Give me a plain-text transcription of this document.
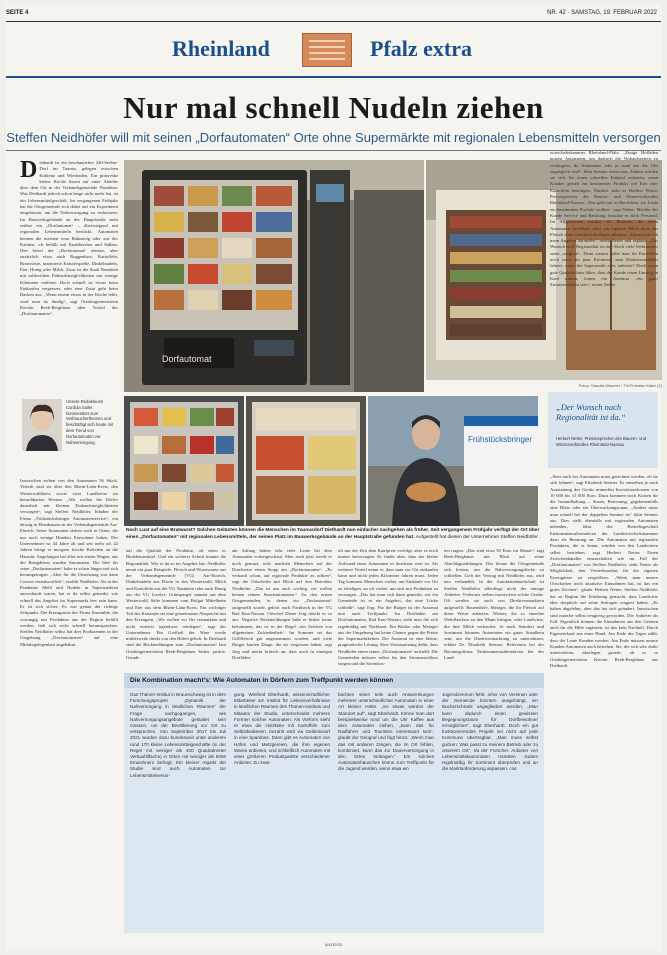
SEITE 4	NR. 42 · SAMSTAG, 19. FEBRUAR 2022
Rheinland	Pfalz extra
Nur mal schnell Nudeln ziehen
Steffen Neidhöfer will mit seinen „Dorfautomaten“ Orte ohne Supermärkte mit regionalen Lebensmitteln versorgen
D iethardt ist ein beschauliches 240-Seelen-Dorf im Taunus, gelegen zwischen Koblenz und Wiesbaden. Ein pittoreske kleine Kirche thront auf einer Anhöhe über dem Ort in der Verbandsgemeinde Nastätten. Was Diethardt jedoch schon lange nicht mehr hat, ist ein Lebensmittelgeschäft. Im vergangenen Frühjahr hat die Ortsgemeinde sich daher auf ein Experiment eingelassen, um die Nahversorgung zu verbessern: Im Bauwerksgebäude an der Hauptstraße steht seither ein „Dorfautomat“ – überwiegend mit regionalen Lebensmitteln bestückt. Automaten kennen die meisten vom Bahnsteig oder aus der Kantine, oft befüllt mit Knabbereien und Süßem. Den bietet der „Dorfautomat“ ebenso, aber zusätzlich etwa auch Roggenbrot, Kartoffeln, Bratwürste, marinierte Kräuterspieße, Dinkelnudeln, Eier, Honig oder Milch. Zwar ist die Stadt Nastätten mit zahlreichen Einkaufsmöglichkeiten nur wenige Kilometer entfernt. Doch schnell ist etwas beim Einkaufen vergessen, oder eine Zutat geht beim Backen aus. „Wenn einem etwas in der Küche fehlt, wird man da fündig“, sagt Ortsbürgermeisterin Kerstin Reek-Bergbäuer über Vorteil des „Dorfautomaten“.
Dorfautomat
Fotos: Sascha Ditscher / TV/Christian Kater (2)
Unsere Redakteurin Cordula Sailer kommentiert zum Verbraucherthemen und beschäftigt sich heute mit dem Trend von Dorfautomaten zur Nahversorgung.	Frühstücksbringer
„Der Wunsch nach Regionalität ist da.“
Herbert Netter, Pressesprecher des Bauern- und Winzerverbandes Rheinland-Nassau
Noch Lust auf eine Bratwurst? Solchen Gelüsten können die Menschen im Taunusdorf Diethardt nun einfacher nachgehen als früher. Seit vergangenem Frühjahr verfügt der Ort über einen „Dorfautomaten“ mit regionalen Lebensmitteln, der seinen Platz im Bauwerksgebäude an der Hauptstraße gefunden hat. Aufgestellt hat diesen der Unternehmer Steffen Neidhöfer.
Inzwischen stehen von den Automaten 56 Stück. Verteilt sind sie über den Rhein-Lahn-Kreis, den Westerwaldkreis sowie zwei Landkreise im benachbarten Hessen. „Wir wollen die Dörfer dauerhaft mit kleinen Einkaufsmöglichkeiten versorgen“, sagt Steffen Neidhöfer, Inhaber der Firma „Frühstücksbringer Automatenservice“, ein ökosig in Ebenhausen in der Verbandsgemeinde Aar-Einrich. Seine Automaten stehen auch in Orten, die nur noch wenige Hundert Einwohner haben. Der Unternehmer ist 44 Jahre alt und seit mehr als 22 Jahren bringt er morgens frische Brötchen an die Haustür. Angefangen hat alles mit einem Wagen, aus der Bringdienst wurden Automaten. Die Idee für seine „Dorfautomaten“ habe er schon länger mit sich herumgetragen. „Aber für die Umsetzung war dann Corona verantwortlich“, erzählt Neidhöfer. Als in der Pandemie Mehl und Nudeln in Supermärkten ausverkauft waren, hat er da selbst gemerkt, wie schnell das Angebot im Supermarkt leer sein kann. Er ist sich sicher: Es war genau der richtige Zeitpunkt. Die Erzeugnisse der Firma Ensemble, die vorrangig mit Produkten aus der Region befüllt werden, ließ sich recht schnell herumsprechen. Steffen Neidhöfer selbst hat drei Produzenten in der Umgebung „Dorfautomaten“ auf eine Mitfahrgelegenheit angebahnt.
auf die Qualität der Produkte, oft seien es Biolebensmittel. Und ein weiterer Schritt konnte die Regionalität. Wie er da so im Angebot hat: Neidhöfer nennt ein paar Beispiele: Fleisch und Wurstwaren aus der Verbandsgemeinde (VG) Aar-Einrich, Dinkelnudeln aus Flacht in den Westerwald, Milch und Kartoffeln aus der VG Nastätten oder auch Honig aus der VG Loreley. Grünspargel stammt aus dem Westerwald, Säfte kommen vom Hofgut Mittelheim und Eier aus dem Rhein-Lahn-Kreis. Ein wichtiger Teil des Konzepts sei eine gemeinsame Absprache mit den Erzeugern. „Wir wollen vor Ort vermarkten und nicht einfach irgendwas reinlegen“, sagt der Unternehmer. Ein Großteil der Ware werde mittlerweile direkt von den Höfen geholt. In Diethardt sind die Rückmeldungen zum „Dorfautomaten“ laut Ortsbürgermeisterin Reek-Bergbäuer bisher positiv. Gerade
am Anfang hätten sehr viele Leute bei dem Automaten vorbeigeschaut. Aber auch jetzt werde er noch genutzt, teils machten Menschen auf der Durchreise einen Stopp am „Dorfautomaten“. „Es verkauft schon, auf regionale Produkte zu achten“, sagt die Ortschefin mit Blick auf den Betreiber Neidhöfer. „Das ist uns auch wichtig, wir wollen keinen reinen Snackautomaten.“ Zu den ersten Ortsgemeinden, in denen ein „Dorfautomat“ aufgestellt wurde, gehört auch Fachbach in der VG Bad Ems-Nassau. Ortschef Dieter Jörg drückt es so aus: Negative Rückmeldungen habe er bisher keine bekommen, das ist in der Regel „ein Zeichen von allgemeiner Zufriedenheit“. Im Sommer sei das Grillfleisch gut angenommen worden, und viele Bürger kaufen Dinge, die sie vergessen haben, sagt Jörg und merkt kritisch an, dass auch in einzigen Dorfläden
oft mit der Zeit dem Kaufpreis verfolgt, aber es noch immer bevorzugen. Er findet aber, dass der kleine Aufwand eines Automaten es durchaus wert ist. Als weiterer Vorteil nennt er, dass man vor Ort einkaufen kann und nicht jeden Kilometer fahren muss. Jeden Tag kommen Menschen vorbei, um Einkäufe vor Ort zu erledigen, zu oft vorbei, um sich mit Produkten zu versorgen. „Das hat man sich dann gemerkt, wir ein Gemeinde ist es ein Angebot, das eine Lücke schließt“, sagt Jörg. Für die Bürger ist der Automat nun auch Treffpunkt. Im Dorfladen am Dorfautomaten, Bad Ems-Nassau, sieht man die sich regelmäßig mit Nachbarn. Ein Bäcker oder Metzger aus der Umgebung hat keine Chance gegen die Preise der Supermarktketten. Der Automat ist eine kleine, pragmatische Lösung. Eine Voraussetzung dafür, dass Neidhöfer einen seiner „Dorfautomaten“ aufstellt: Die Gemeinden müssen selbst für den Stromanschluss sorgen und die Stromkos-
ten tragen. „Das sind etwa 50 Euro im Monat“, sagt Reek-Bergbäuer mit Blick auf seine Abschlagszahlungen. Das könne die Ortsgemeinde sich leisten, um die Nahversorgungslücke zu schließen. Lieft der Vertrag mit Neidhöfer aus, wird neu verhandelt. In der Automatenlandschaft ist Steffen Neidhöfer allerdings nicht der einzige Anbieter. Vielerorts stehen inzwischen solche Geräte. Oft werden sie auch von Direktvermarktern aufgestellt: Bauernhöfe, Metzger, die ihr Fleisch auf diese Weise anbieten, Winzer, die so einzelne Weinflaschen an den Mann bringen, oder Landwirte, die ihre Milch verkaufen. Je nach Standort und Sortiment könnten Automaten ein gutes Standbein sein, um die Direktvermarktung zu unterstützen, erklärt Dr. Elisabeth Seemer, Referentin bei der Beratungsfirma Einkommensalternativen bei der Land-
wirtschaftskammer Rheinland-Pfalz. „Einige Hofläden nutzen Automaten, um dadurch die Verkaufszeiten zu verlängern, da Automaten teils ja rund um die Uhr zugänglich sind“, führt Seemer weiter aus. Zudem würden sie sich für einen schnellen Einkauf anbieten, wenn Kunden gezielt ein bestimmtes Produkt wie Eier oder Kartoffeln benötigen. Ähnlich sieht es Herbert Netter, Pressesprecher des Bauern- und Winzerverbandes Rheinland-Nassau. „Das geht nur in Bereichen, wo Leute ein bestimmtes Produkt wollen“, sagt Netter. Möchte der Kunde Service und Beratung, brauche es doch Personal. Im Allgemeinen würden die Betriebe, die einen Automaten betrieben, etwa zur eigenen Milch noch das Fleisch eines Landwirtskollegen anbieten. „Dann kann ich mein Angebot abrunden“, meint Netter und ergänzt: „Der Wunsch nach Regionalität ist da.“ Doch viele Verbraucher seien „wegfaul“. Denn warum sollte man für Kartoffeln noch extra ein paar Kilometer zum Direktvermarkter fahren, wenn der Supermarkt alles anbietet? Doch wenn gute Qualität dazu führe, dass der Kunde einen Umweg in Kauf nimmt, könne ein Automat „ein guter Zusatzverdienst sein“, meint Netter.
„Aber auch bei Automaten muss gerechnet werden, ob sie sich lohnen“, sagt Elisabeth Seemer. Es entstehen je nach Ausstattung des Geräts immerhin Investitionskosten von 10 000 bis 15 000 Euro. Dazu kommen noch Kosten für die Instandhaltung – Strom, Betreuung, gegebenenfalls eine Hütte oder ein Überwachungsraum. „Anders muss man schnell bei der doppelten Summe ist“ führt Seemer aus. Dies stellt ebenfalls mit regionalen Automaten nebenbei, führt des Betriebsgeschäft Einkommensalternativen der Landwirtschaftskammer dazu als Beratung an. Die Automaten mit regionalen Produkten, die er kennt, würden von den Landwirten selbst betrieben, sagt Herbert Netter. Einen Zwischenhändler einzuschalten wie im Fall der „Dorfautomaten“ von Steffen Neidhöfer, sieht Netter als Möglichkeit, den Vertriebsradius für die eigenen Erzeugnisse zu vergrößern. „Wenn man unsere Ortschaften noch attraktive Einnahmen hat, ist das ein gutes Zeichen“, glaubt Herbert Netter. Steffen Neidhöfer hat zu Beginn die Erfahrung gemacht, dass Landwirte eher skeptisch auf seine Anfragen reagiert haben. „Es haben abgelehnt, aber das hat sich geändert. Inzwischen sind manche selbst neugierig geworden. Die Anbieter als Fall. Eigentlich können die Einnahmen aus den Geräten auch für die Hilfe ergänzen, ist das kein Nachteil. Durch Eigenverkauf aus einer Hand. Am Ende des Tages zählt, dass die Leute Kunden werden. Am Ende müssen unsere Kunden Automaten auch bestehen. Sie, die sich sehr dafür interessieren, überlegen gerade, ob es so Ortsbürgermeisterin Kerstin Reek-Bergbäuer aus Diethardt.
Die Kombination macht's: Wie Automaten in Dörfern zum Treffpunkt werden können
Das Thünen-Institut in Braunschweig ist in dem Forschungsprojekt „Dynamik der Nahversorgung in ländlichen Räumen“ der Frage nachgegangen, wie Nahversorgungsangebote gestaltet sein müssen, um der Bevölkerung vor Ort zu entsprechen. Von September 2017 bis Juli 2021 wurden dazu bundesweit unter anderem rund 170 kleine Lebensmittelgeschäfte (in der Regel mit weniger als 400 Quadratmeter Verkaufsfläche) in Orten mit weniger als 5000 Einwohnern befragt. Ein kleiner Aspekt der Studie sind auch Automaten zur Lebensmittelversor-
gung. Winfried Eberhardt, wissenschaftlicher Mitarbeiter am Institut für Lebensverhältnisse in ländlichen Räumen des Thünen-Instituts und Mitautor der Studie, unterscheidet mehrere Formen solcher Automaten: Als Vorform sieht er etwa die Holzkiste mit Kartoffeln zum Selbstbedienen, bezahlt wird via Geldeinwurf in eine Spardose. Dann gibt es Automaten von Höfen und Metzgereien, die ihre eigenen Waren anbieten, und schließlich Automaten mit einer größeren Produktpalette verschiedener Anbieter. Zu zwei-
bachten seien teils auch Ansammlungen mehrerer unterschiedlicher Automaten in einer Art kleiner Hütte. „So etwas werden der Standort auf“, sagt Eberhardt. Könne man dort beispielsweise rund um die Uhr Kaffee aus dem Automaten ziehen, „kann das für Radfahrer und Touristen interessant sein“, glaubt der Geograf und fügt hinzu: „Wenn man das mit anderen Dingen, die im Ort fehlen, kombiniert, kann das zur Dauerversorgung in den Orten beitragen.“ Ein solches Automatenhäuschen könne zum Treffpunkt für die Jugend werden, wenn etwa ein
Jugendzentrum fehlt. Infos von Vereinen oder der Gemeinde könnten ausgehängt, ein Bücherschrank angegliedert werden. „Man kann dadurch einen gewissen Begegnungsraum für Dorfbewohner ermöglichen“, sagt Eberhardt. Doch ein gut funktionierendes Projekt sei nicht auf jede Kommune übertragbar. „Man muss selbst gucken: Was passt zu meinem Betrieb oder zu unserem Ort“, rät der Forscher. Anbieter von Lebensmittelautomaten müssten zudem regelmäßig ihr Sortiment überprüfen und an die Marktanforderung anpassen. cos
ANZEIGE
